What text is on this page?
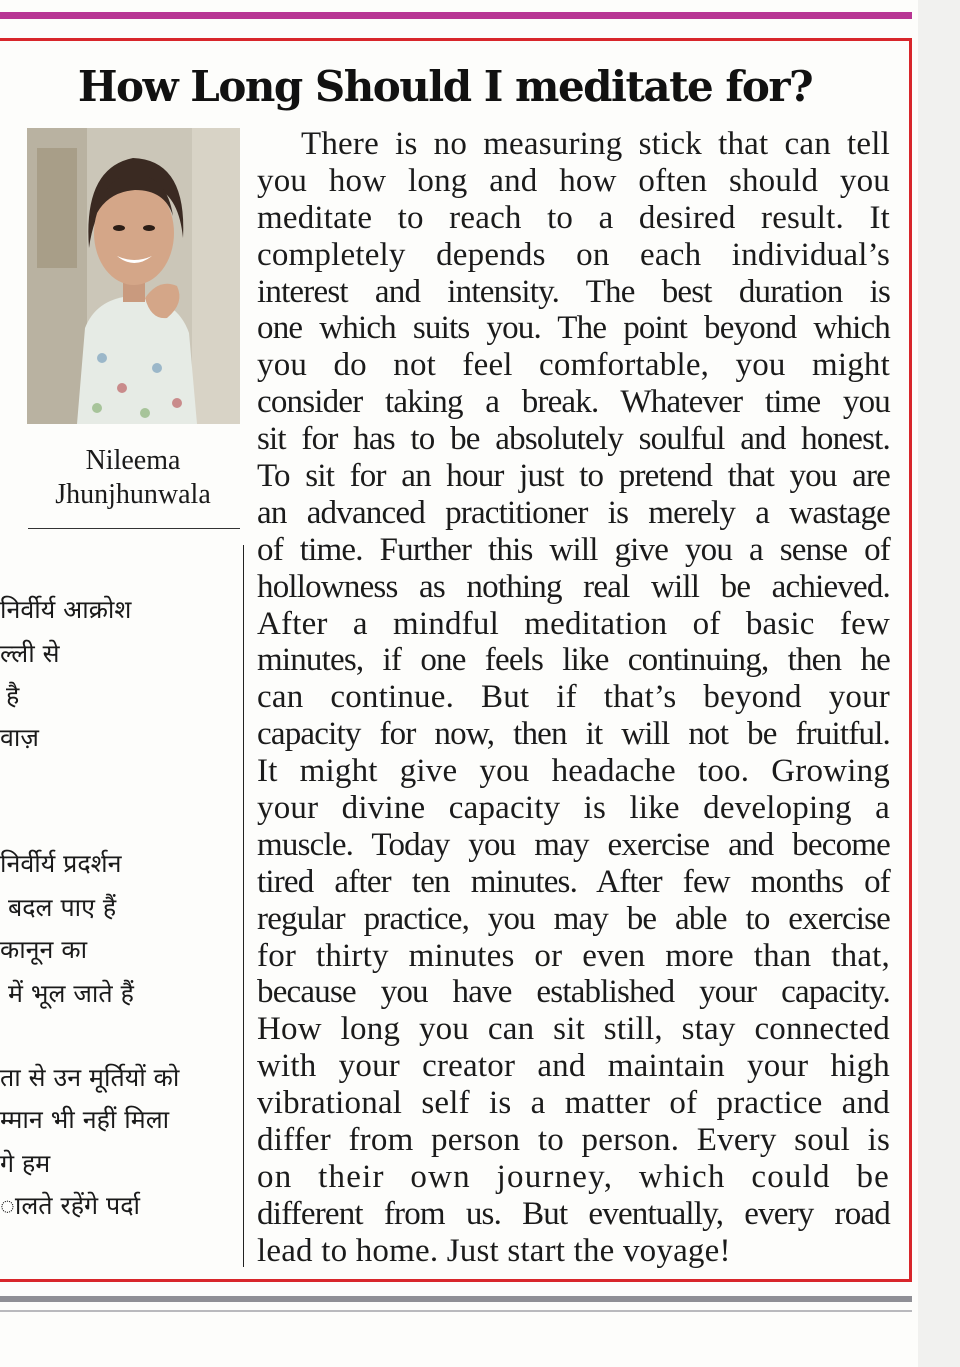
How Long Should I meditate for?
Nileema
Jhunjhunwala
There is no measuring stick that can tell
you how long and how often should you
meditate to reach to a desired result. It
completely depends on each individual’s
interest and intensity. The best duration is
one which suits you. The point beyond which
you do not feel comfortable, you might
consider taking a break. Whatever time you
sit for has to be absolutely soulful and honest.
To sit for an hour just to pretend that you are
an advanced practitioner is merely a wastage
of time. Further this will give you a sense of
hollowness as nothing real will be achieved.
After a mindful meditation of basic few
minutes, if one feels like continuing, then he
can continue. But if that’s beyond your
capacity for now, then it will not be fruitful.
It might give you headache too. Growing
your divine capacity is like developing a
muscle. Today you may exercise and become
tired after ten minutes. After few months of
regular practice, you may be able to exercise
for thirty minutes or even more than that,
because you have established your capacity.
How long you can sit still, stay connected
with your creator and maintain your high
vibrational self is a matter of practice and
differ from person to person. Every soul is
on their own journey, which could be
different from us. But eventually, every road
lead to home. Just start the voyage!
निर्वीर्य आक्रोश
ल्ली से
है
वाज़
निर्वीर्य प्रदर्शन
बदल पाए हैं
कानून का
में भूल जाते हैं
ता से उन मूर्तियों को
म्मान भी नहीं मिला
गे हम
ालते रहेंगे पर्दा
